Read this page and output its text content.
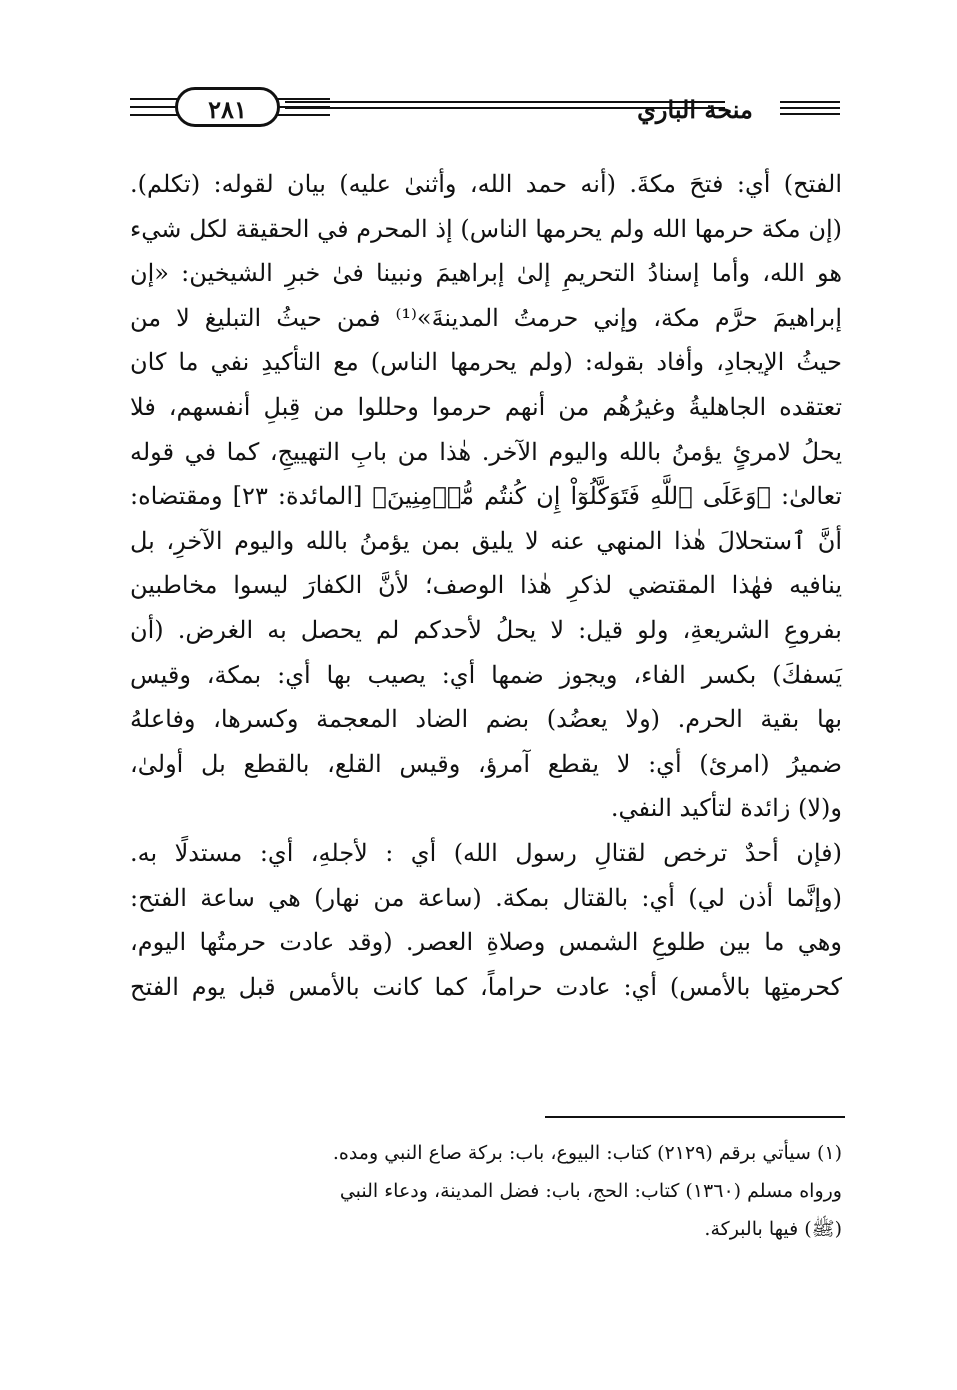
٢٨١	منحة الباري
الفتح) أي: فتحَ مكةَ. (أنه حمد الله، وأثنىٰ عليه) بيان لقوله: (تكلم).
(إن مكة حرمها الله ولم يحرمها الناس) إذ المحرم في الحقيقة لكل شيء
هو الله، وأما إسنادُ التحريمِ إلىٰ إبراهيمَ ونبينا فىٰ خبرِ الشيخين: «إن
إبراهيمَ حرَّم مكة، وإني حرمتُ المدينةَ»⁽¹⁾ فمن حيثُ التبليغ لا من
حيثُ الإيجادِ، وأفاد بقوله: (ولم يحرمها الناس) مع التأكيدِ نفي ما كان
تعتقده الجاهليةُ وغيرُهُم من أنهم حرموا وحللوا من قِبلِ أنفسهم، فلا
يحلُ لامرئٍ يؤمنُ بالله واليوم الآخر. هٰذا من بابِ التهييجِ، كما في قوله
تعالىٰ: ﴿وَعَلَى ٱللَّهِ فَتَوَكَّلُوٓاْ إِن كُنتُم مُّؤۡمِنِينَ﴾ [المائدة: ٢٣] ومقتضاه:
أنَّ ٱستحلالَ هٰذا المنهي عنه لا يليق بمن يؤمنُ بالله واليوم الآخرِ، بل
ينافيه فهٰذا المقتضي لذكرِ هٰذا الوصف؛ لأنَّ الكفارَ ليسوا مخاطبين
بفروعِ الشريعةِ، ولو قيل: لا يحلُ لأحدكم لم يحصل به الغرض. (أن
يَسفكَ) بكسر الفاء، ويجوز ضمها أي: يصيب بها أي: بمكة، وقيس
بها بقية الحرم. (ولا يعضُد) بضم الضاد المعجمة وكسرها، وفاعلهُ
ضميرُ (امرئ) أي: لا يقطع آمرؤ، وقيس القلع، بالقطع بل أولىٰ،
و(لا) زائدة لتأكيد النفي.
(فإن أحدٌ ترخص لقتالِ رسول الله) أي : لأجلهِ، أي: مستدلًا به.
(وإنَّما أذن لي) أي: بالقتال بمكة. (ساعة من نهار) هي ساعة الفتح:
وهي ما بين طلوعِ الشمس وصلاةِ العصر. (وقد عادت حرمتُها اليوم،
كحرمتِها بالأمس) أي: عادت حراماً، كما كانت بالأمس قبل يوم الفتح
(١) سيأتي برقم (٢١٢٩) كتاب: البيوع، باب: بركة صاع النبي ومده.
ورواه مسلم (١٣٦٠) كتاب: الحج، باب: فضل المدينة، ودعاء النبي
(ﷺ) فيها بالبركة.
